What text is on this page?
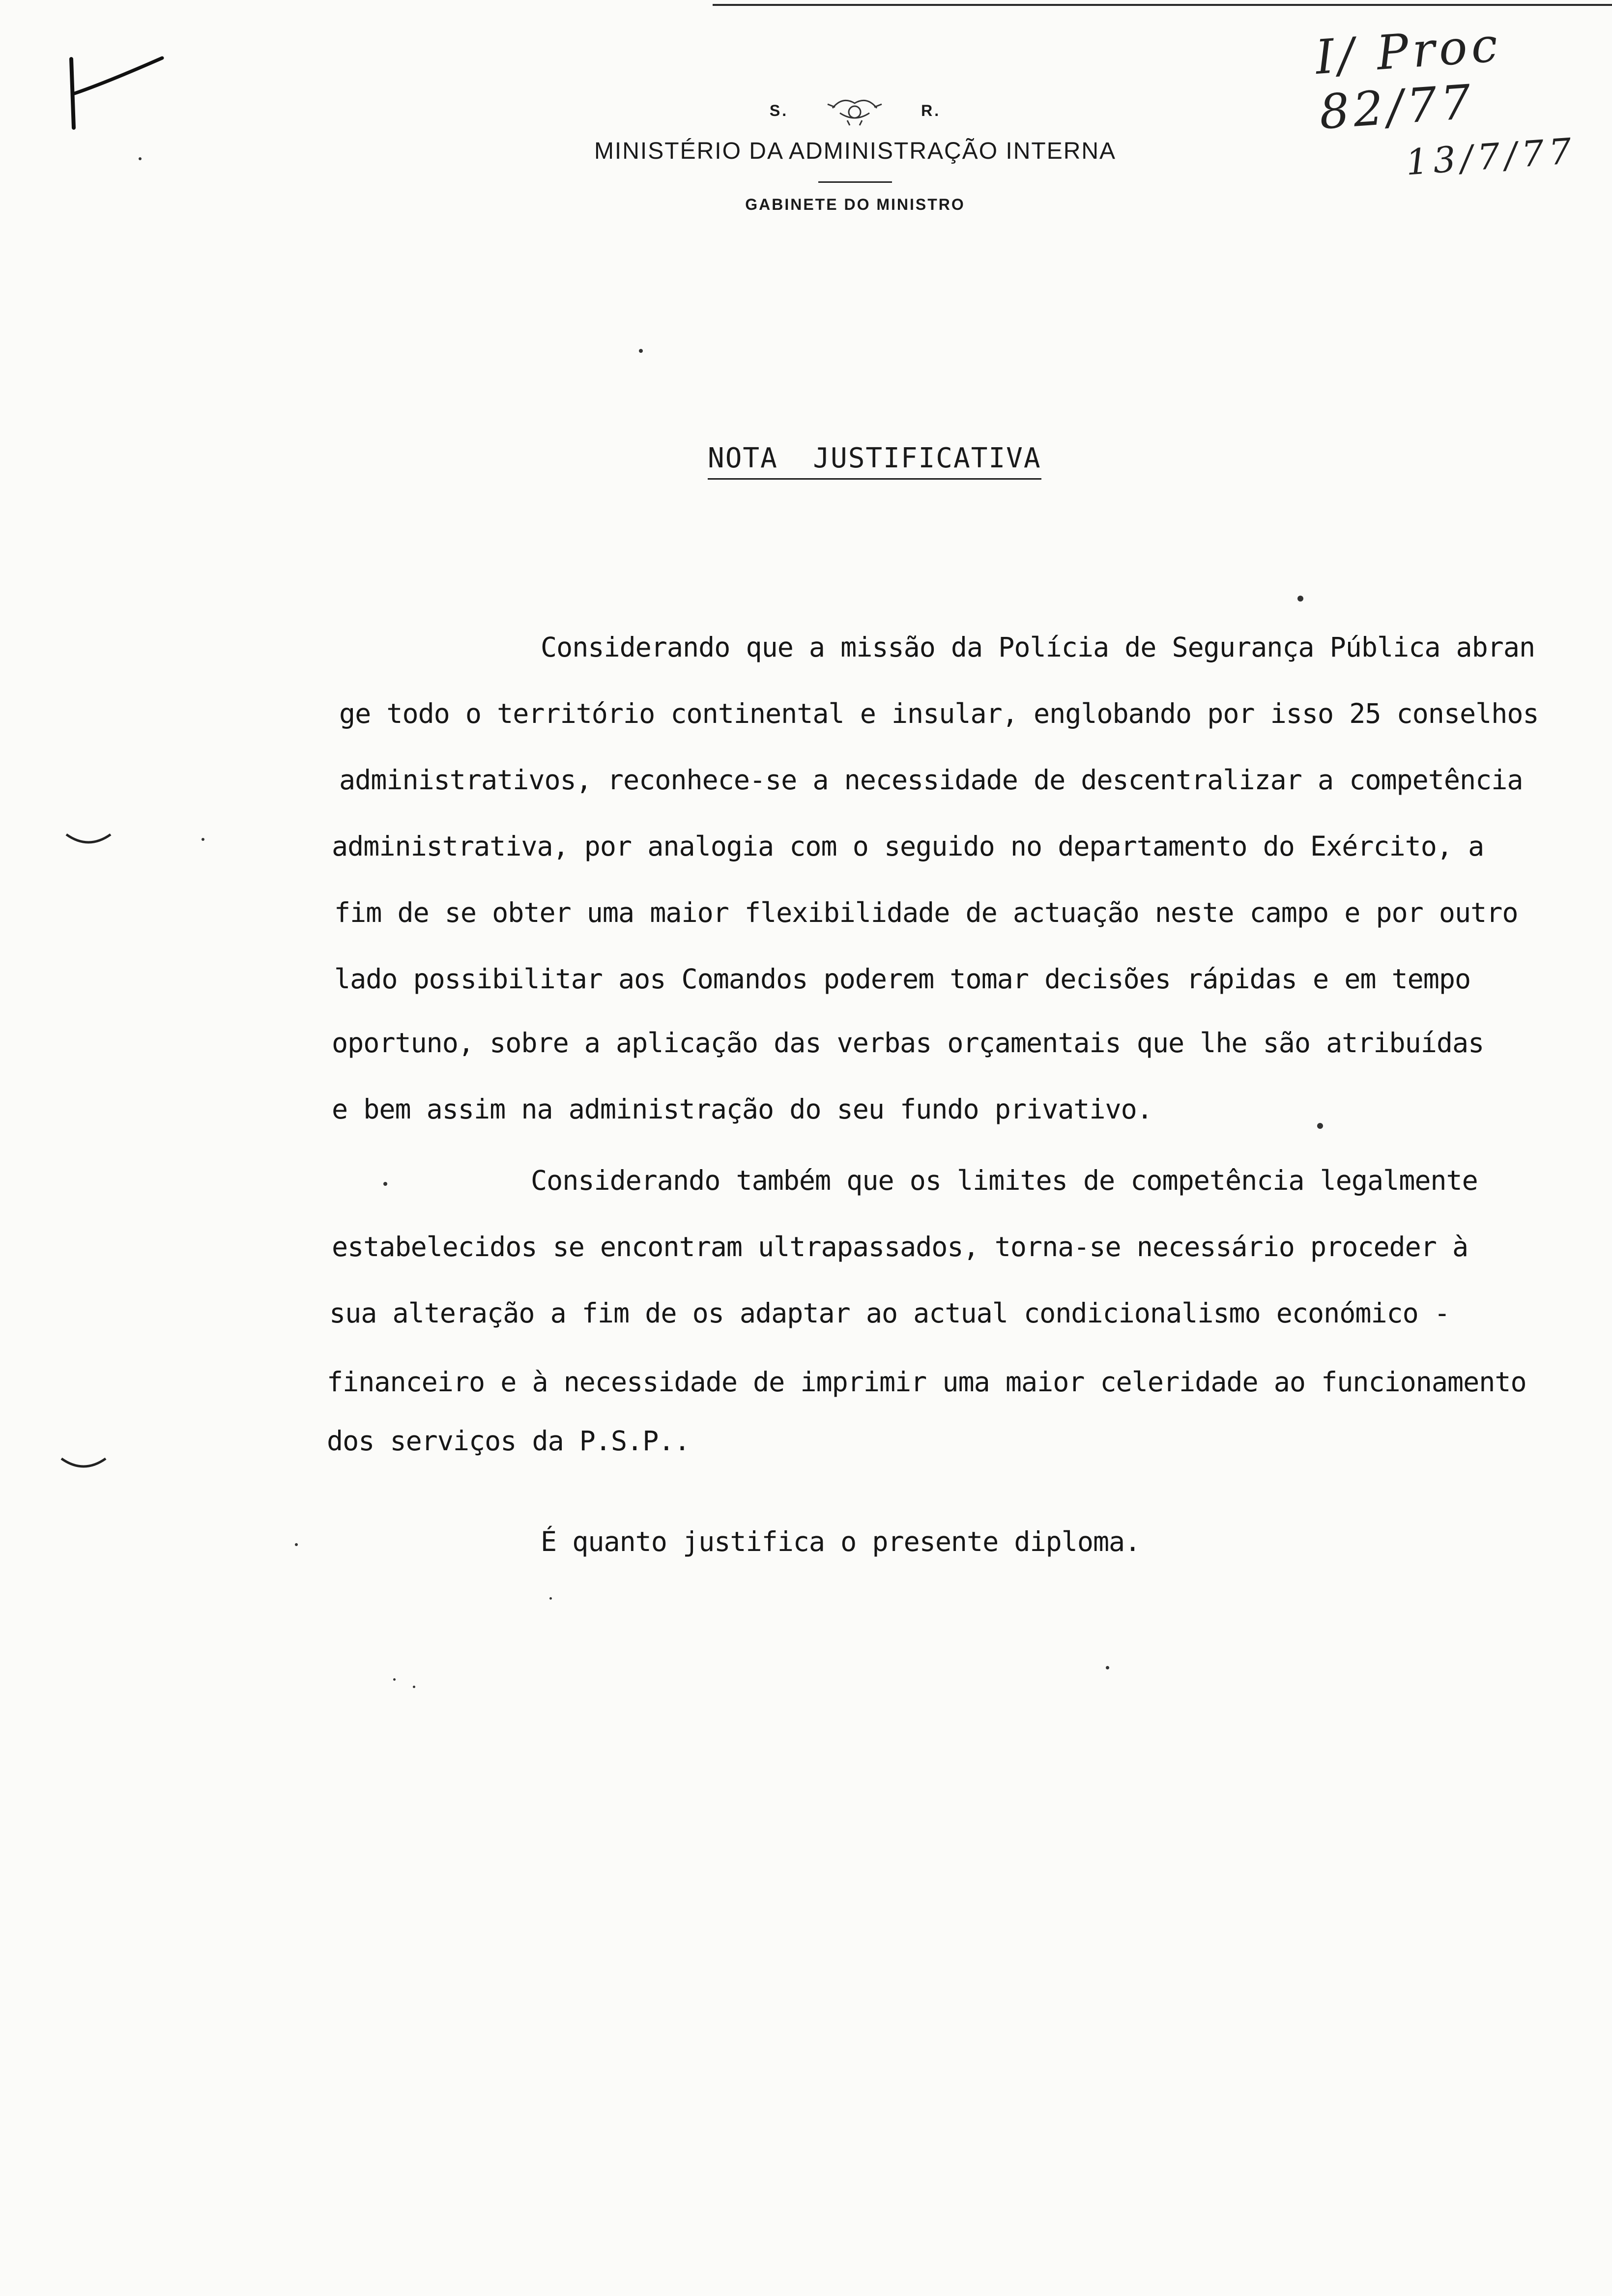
I/ Proc 82/77
13/7/77
S.	R.
MINISTÉRIO DA ADMINISTRAÇÃO INTERNA
GABINETE DO MINISTRO
NOTA  JUSTIFICATIVA
Considerando que a missão da Polícia de Segurança Pública abran
ge todo o território continental e insular, englobando por isso 25 conselhos
administrativos, reconhece-se a necessidade de descentralizar a competência
administrativa, por analogia com o seguido no departamento do Exército, a
fim de se obter uma maior flexibilidade de actuação neste campo e por outro
lado possibilitar aos Comandos poderem tomar decisões rápidas e em tempo
oportuno, sobre a aplicação das verbas orçamentais que lhe são atribuídas
e bem assim na administração do seu fundo privativo.
Considerando também que os limites de competência legalmente
estabelecidos se encontram ultrapassados, torna-se necessário proceder à
sua alteração a fim de os adaptar ao actual condicionalismo económico -
financeiro e à necessidade de imprimir uma maior celeridade ao funcionamento
dos serviços da P.S.P..
É quanto justifica o presente diploma.
